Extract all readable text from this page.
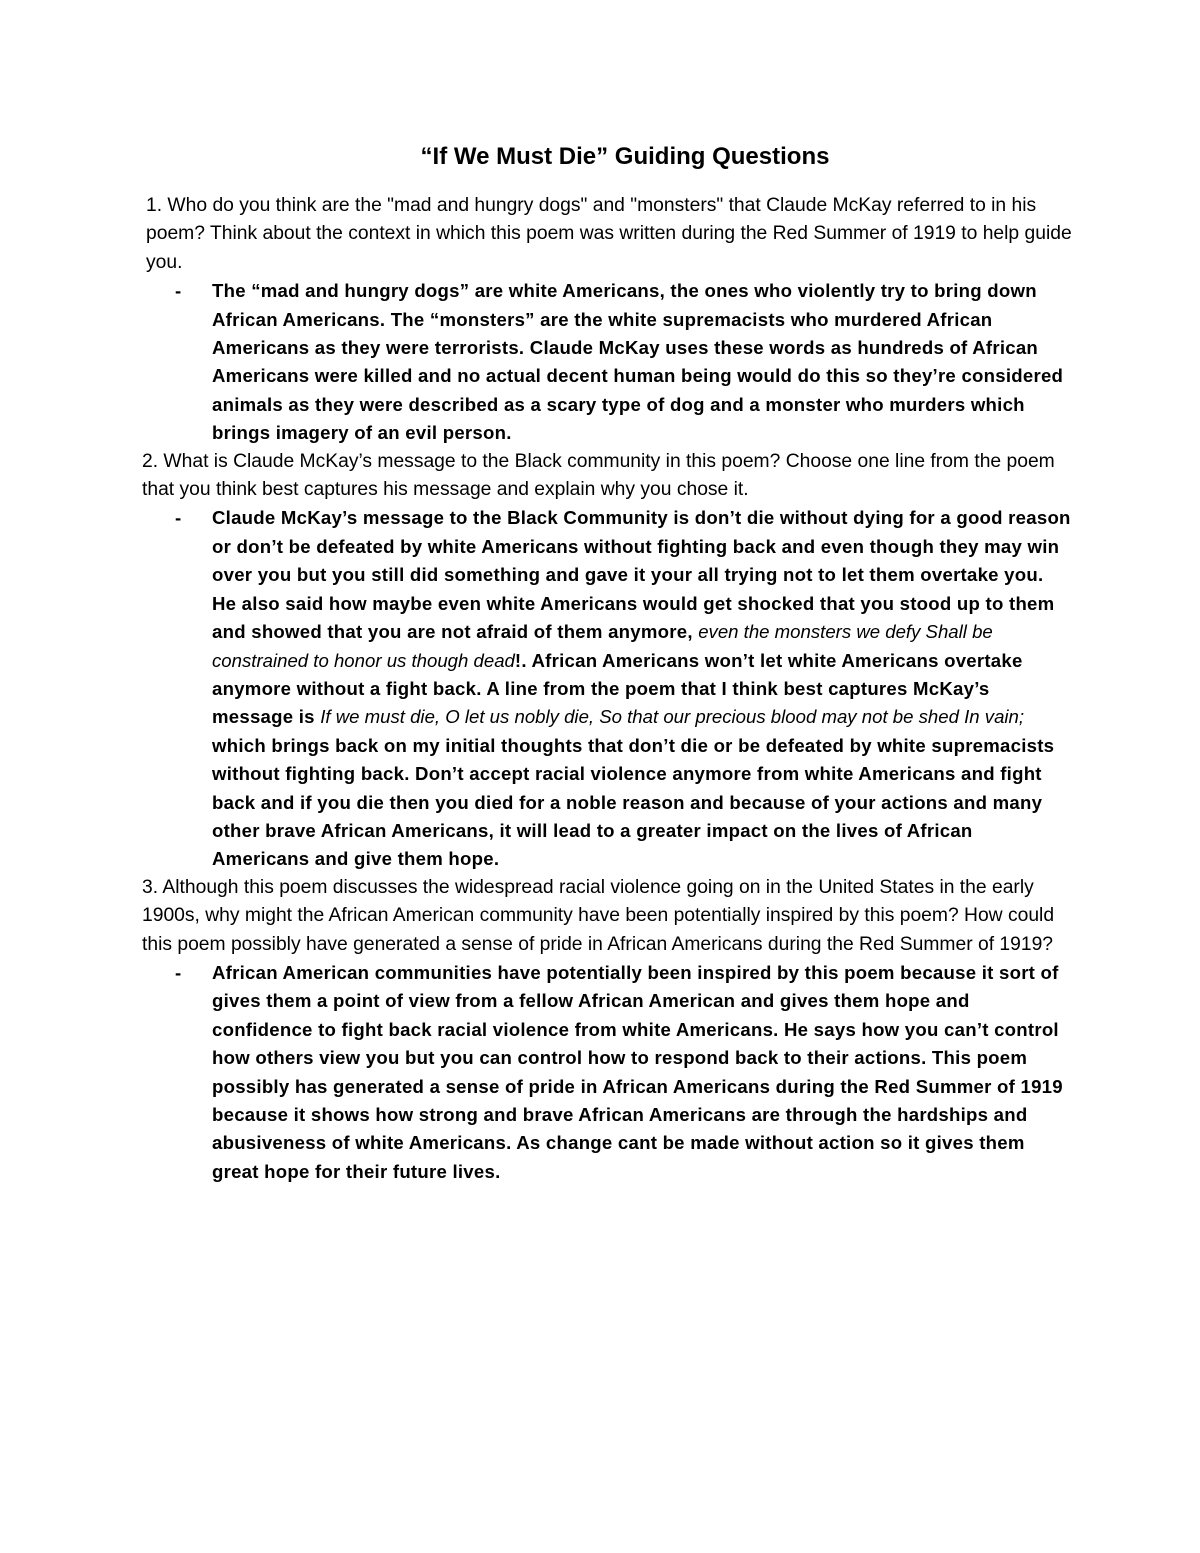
“If We Must Die” Guiding Questions

1. Who do you think are the "mad and hungry dogs" and "monsters" that Claude McKay referred to in his poem? Think about the context in which this poem was written during the Red Summer of 1919 to help guide you.

- The “mad and hungry dogs” are white Americans, the ones who violently try to bring down African Americans. The “monsters” are the white supremacists who murdered African Americans as they were terrorists. Claude McKay uses these words as hundreds of African Americans were killed and no actual decent human being would do this so they’re considered animals as they were described as a scary type of dog and a monster who murders which brings imagery of an evil person.

2. What is Claude McKay’s message to the Black community in this poem? Choose one line from the poem that you think best captures his message and explain why you chose it.

- Claude McKay’s message to the Black Community is don’t die without dying for a good reason or don’t be defeated by white Americans without fighting back and even though they may win over you but you still did something and gave it your all trying not to let them overtake you. He also said how maybe even white Americans would get shocked that you stood up to them and showed that you are not afraid of them anymore, even the monsters we defy Shall be constrained to honor us though dead!. African Americans won’t let white Americans overtake anymore without a fight back. A line from the poem that I think best captures McKay’s message is If we must die, O let us nobly die, So that our precious blood may not be shed In vain; which brings back on my initial thoughts that don’t die or be defeated by white supremacists without fighting back. Don’t accept racial violence anymore from white Americans and fight back and if you die then you died for a noble reason and because of your actions and many other brave African Americans, it will lead to a greater impact on the lives of African Americans and give them hope.

3. Although this poem discusses the widespread racial violence going on in the United States in the early 1900s, why might the African American community have been potentially inspired by this poem? How could this poem possibly have generated a sense of pride in African Americans during the Red Summer of 1919?

- African American communities have potentially been inspired by this poem because it sort of gives them a point of view from a fellow African American and gives them hope and confidence to fight back racial violence from white Americans. He says how you can’t control how others view you but you can control how to respond back to their actions. This poem possibly has generated a sense of pride in African Americans during the Red Summer of 1919 because it shows how strong and brave African Americans are through the hardships and abusiveness of white Americans. As change cant be made without action so it gives them great hope for their future lives.
